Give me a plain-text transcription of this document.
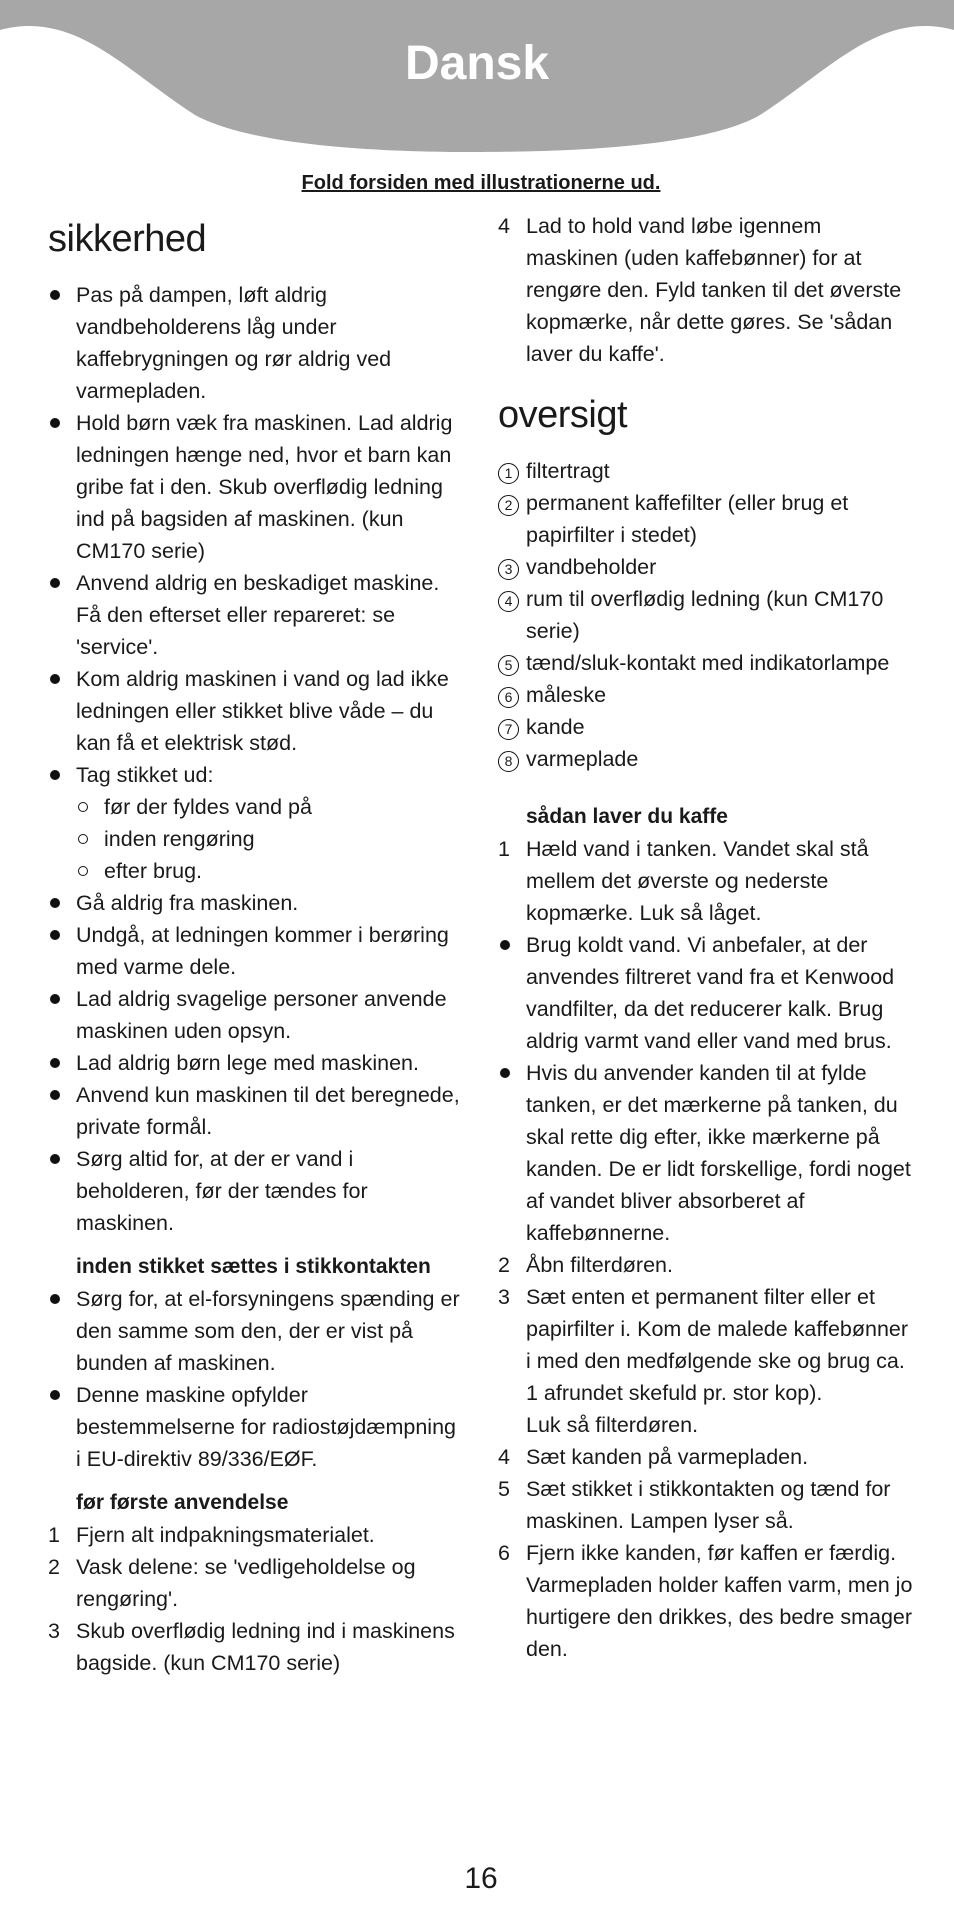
Dansk
Fold forsiden med illustrationerne ud.
sikkerhed
Pas på dampen, løft aldrig vandbeholderens låg under kaffebrygningen og rør aldrig ved varmepladen.
Hold børn væk fra maskinen. Lad aldrig ledningen hænge ned, hvor et barn kan gribe fat i den. Skub overflødig ledning ind på bagsiden af maskinen. (kun CM170 serie)
Anvend aldrig en beskadiget maskine. Få den efterset eller repareret: se 'service'.
Kom aldrig maskinen i vand og lad ikke ledningen eller stikket blive våde – du kan få et elektrisk stød.
Tag stikket ud:
før der fyldes vand på
inden rengøring
efter brug.
Gå aldrig fra maskinen.
Undgå, at ledningen kommer i berøring med varme dele.
Lad aldrig svagelige personer anvende maskinen uden opsyn.
Lad aldrig børn lege med maskinen.
Anvend kun maskinen til det beregnede, private formål.
Sørg altid for, at der er vand i beholderen, før der tændes for maskinen.
inden stikket sættes i stikkontakten
Sørg for, at el-forsyningens spænding er den samme som den, der er vist på bunden af maskinen.
Denne maskine opfylder bestemmelserne for radiostøjdæmpning i EU-direktiv 89/336/EØF.
før første anvendelse
1 Fjern alt indpakningsmaterialet.
2 Vask delene: se 'vedligeholdelse og rengøring'.
3 Skub overflødig ledning ind i maskinens bagside. (kun CM170 serie)
4 Lad to hold vand løbe igennem maskinen (uden kaffebønner) for at rengøre den. Fyld tanken til det øverste kopmærke, når dette gøres. Se 'sådan laver du kaffe'.
oversigt
1 filtertragt
2 permanent kaffefilter (eller brug et papirfilter i stedet)
3 vandbeholder
4 rum til overflødig ledning (kun CM170 serie)
5 tænd/sluk-kontakt med indikatorlampe
6 måleske
7 kande
8 varmeplade
sådan laver du kaffe
1 Hæld vand i tanken. Vandet skal stå mellem det øverste og nederste kopmærke. Luk så låget.
Brug koldt vand. Vi anbefaler, at der anvendes filtreret vand fra et Kenwood vandfilter, da det reducerer kalk. Brug aldrig varmt vand eller vand med brus.
Hvis du anvender kanden til at fylde tanken, er det mærkerne på tanken, du skal rette dig efter, ikke mærkerne på kanden. De er lidt forskellige, fordi noget af vandet bliver absorberet af kaffebønnerne.
2 Åbn filterdøren.
3 Sæt enten et permanent filter eller et papirfilter i. Kom de malede kaffebønner i med den medfølgende ske og brug ca. 1 afrundet skefuld pr. stor kop).
Luk så filterdøren.
4 Sæt kanden på varmepladen.
5 Sæt stikket i stikkontakten og tænd for maskinen. Lampen lyser så.
6 Fjern ikke kanden, før kaffen er færdig. Varmepladen holder kaffen varm, men jo hurtigere den drikkes, des bedre smager den.
16
